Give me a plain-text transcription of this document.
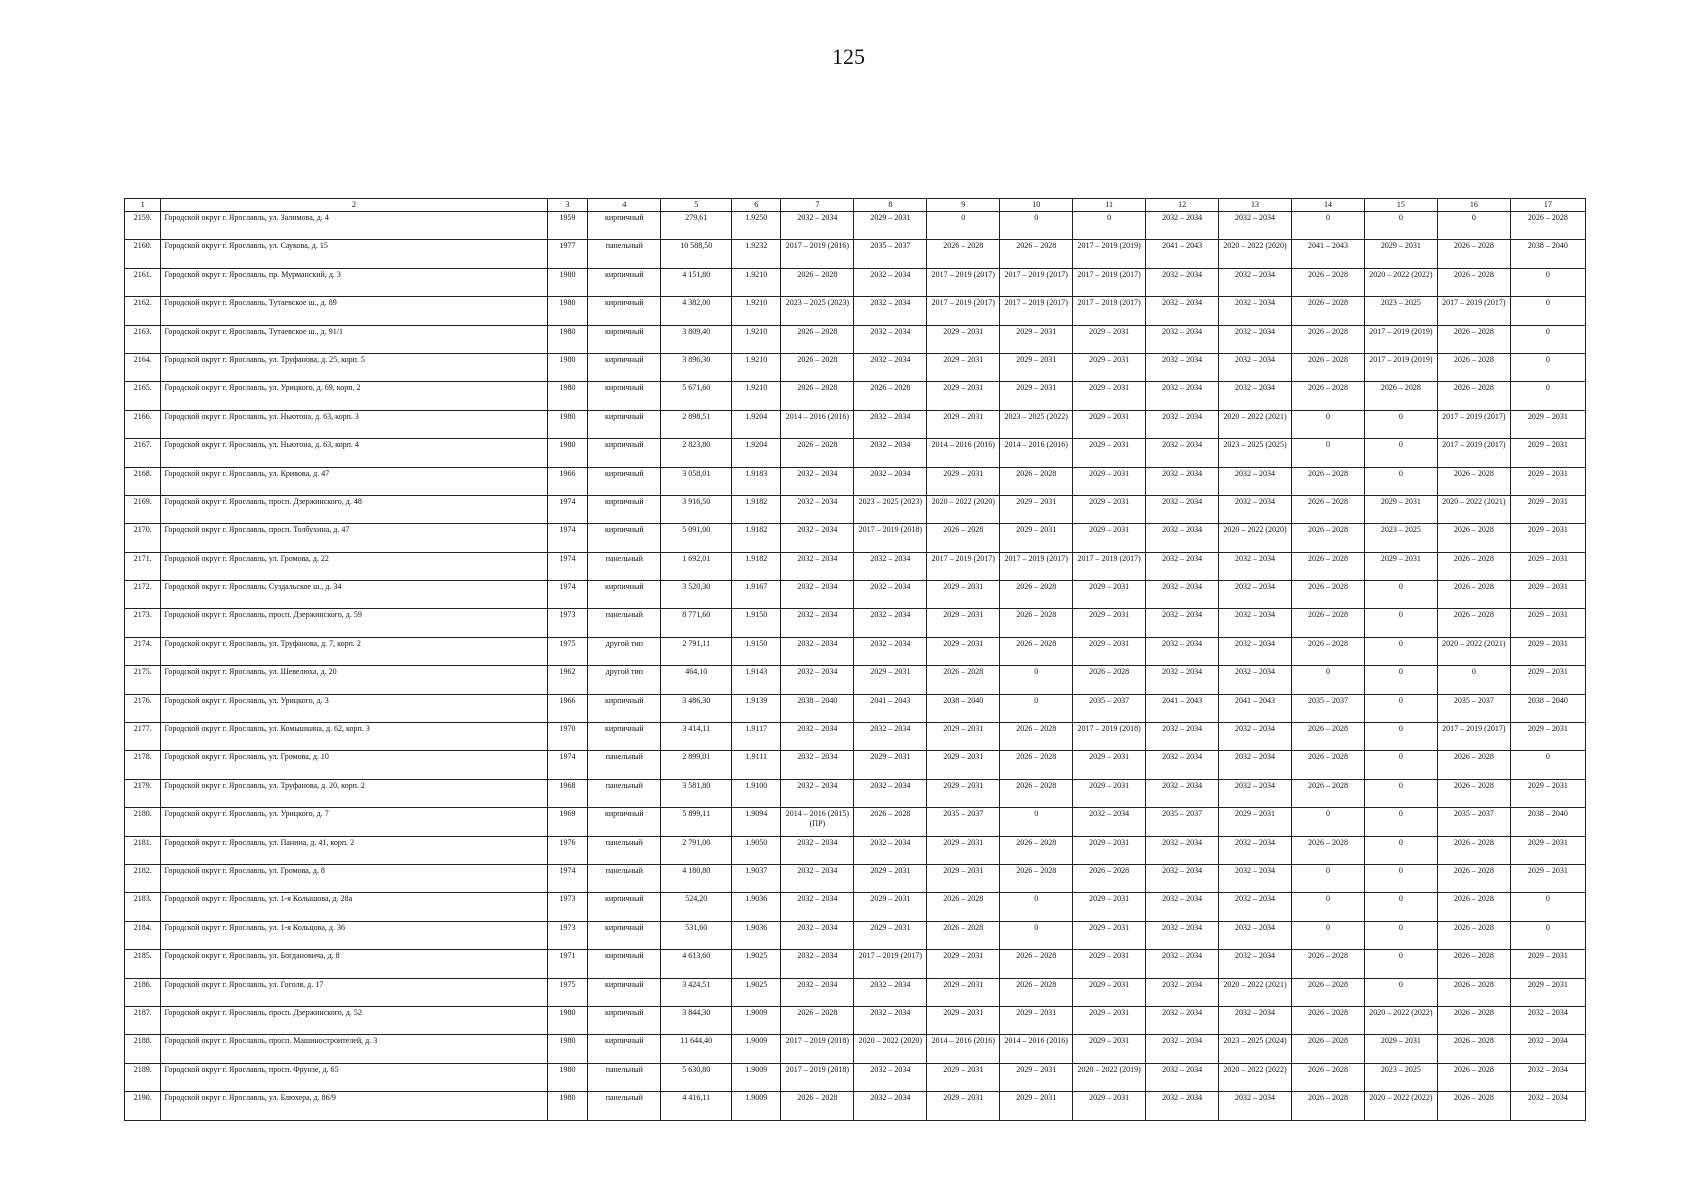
125
1	2	3	4	5	6	7	8	9	10	11	12	13	14	15	16	17
2159.	Городской округ г. Ярославль, ул. Залимова, д. 4	1959	кирпичный	279,61	1.9250	2032 – 2034	2029 – 2031	0	0	0	2032 – 2034	2032 – 2034	0	0	0	2026 – 2028
2160.	Городской округ г. Ярославль, ул. Саукова, д. 15	1977	панельный	10 588,50	1.9232	2017 – 2019 (2016)	2035 – 2037	2026 – 2028	2026 – 2028	2017 – 2019 (2019)	2041 – 2043	2020 – 2022 (2020)	2041 – 2043	2029 – 2031	2026 – 2028	2038 – 2040
2161.	Городской округ г. Ярославль, пр. Мурманский, д. 3	1980	кирпичный	4 151,80	1.9210	2026 – 2028	2032 – 2034	2017 – 2019 (2017)	2017 – 2019 (2017)	2017 – 2019 (2017)	2032 – 2034	2032 – 2034	2026 – 2028	2020 – 2022 (2022)	2026 – 2028	0
2162.	Городской округ г. Ярославль, Тутаевское ш., д. 89	1980	кирпичный	4 382,00	1.9210	2023 – 2025 (2023)	2032 – 2034	2017 – 2019 (2017)	2017 – 2019 (2017)	2017 – 2019 (2017)	2032 – 2034	2032 – 2034	2026 – 2028	2023 – 2025	2017 – 2019 (2017)	0
2163.	Городской округ г. Ярославль, Тутаевское ш., д. 91/1	1980	кирпичный	3 809,40	1.9210	2026 – 2028	2032 – 2034	2029 – 2031	2029 – 2031	2029 – 2031	2032 – 2034	2032 – 2034	2026 – 2028	2017 – 2019 (2019)	2026 – 2028	0
2164.	Городской округ г. Ярославль, ул. Труфанова, д. 25, корп. 5	1980	кирпичный	3 896,30	1.9210	2026 – 2028	2032 – 2034	2029 – 2031	2029 – 2031	2029 – 2031	2032 – 2034	2032 – 2034	2026 – 2028	2017 – 2019 (2019)	2026 – 2028	0
2165.	Городской округ г. Ярославль, ул. Урицкого, д. 69, корп. 2	1980	кирпичный	5 671,60	1.9210	2026 – 2028	2026 – 2028	2029 – 2031	2029 – 2031	2029 – 2031	2032 – 2034	2032 – 2034	2026 – 2028	2026 – 2028	2026 – 2028	0
2166.	Городской округ г. Ярославль, ул. Ньютона, д. 63, корп. 3	1980	кирпичный	2 898,51	1.9204	2014 – 2016 (2016)	2032 – 2034	2029 – 2031	2023 – 2025 (2022)	2029 – 2031	2032 – 2034	2020 – 2022 (2021)	0	0	2017 – 2019 (2017)	2029 – 2031
2167.	Городской округ г. Ярославль, ул. Ньютона, д. 63, корп. 4	1980	кирпичный	2 823,80	1.9204	2026 – 2028	2032 – 2034	2014 – 2016 (2016)	2014 – 2016 (2016)	2029 – 2031	2032 – 2034	2023 – 2025 (2025)	0	0	2017 – 2019 (2017)	2029 – 2031
2168.	Городской округ г. Ярославль, ул. Кривова, д. 47	1966	кирпичный	3 058,01	1.9183	2032 – 2034	2032 – 2034	2029 – 2031	2026 – 2028	2029 – 2031	2032 – 2034	2032 – 2034	2026 – 2028	0	2026 – 2028	2029 – 2031
2169.	Городской округ г. Ярославль, просп. Дзержинского, д. 48	1974	кирпичный	3 916,50	1.9182	2032 – 2034	2023 – 2025 (2023)	2020 – 2022 (2020)	2029 – 2031	2029 – 2031	2032 – 2034	2032 – 2034	2026 – 2028	2029 – 2031	2020 – 2022 (2021)	2029 – 2031
2170.	Городской округ г. Ярославль, просп. Толбухина, д. 47	1974	кирпичный	5 091,00	1.9182	2032 – 2034	2017 – 2019 (2018)	2026 – 2028	2029 – 2031	2029 – 2031	2032 – 2034	2020 – 2022 (2020)	2026 – 2028	2023 – 2025	2026 – 2028	2029 – 2031
2171.	Городской округ г. Ярославль, ул. Громова, д. 22	1974	панельный	1 692,01	1.9182	2032 – 2034	2032 – 2034	2017 – 2019 (2017)	2017 – 2019 (2017)	2017 – 2019 (2017)	2032 – 2034	2032 – 2034	2026 – 2028	2029 – 2031	2026 – 2028	2029 – 2031
2172.	Городской округ г. Ярославль, Суздальское ш., д. 34	1974	кирпичный	3 520,30	1.9167	2032 – 2034	2032 – 2034	2029 – 2031	2026 – 2028	2029 – 2031	2032 – 2034	2032 – 2034	2026 – 2028	0	2026 – 2028	2029 – 2031
2173.	Городской округ г. Ярославль, просп. Дзержинского, д. 59	1973	панельный	8 771,60	1.9150	2032 – 2034	2032 – 2034	2029 – 2031	2026 – 2028	2029 – 2031	2032 – 2034	2032 – 2034	2026 – 2028	0	2026 – 2028	2029 – 2031
2174.	Городской округ г. Ярославль, ул. Труфанова, д. 7, корп. 2	1975	другой тип	2 791,11	1.9150	2032 – 2034	2032 – 2034	2029 – 2031	2026 – 2028	2029 – 2031	2032 – 2034	2032 – 2034	2026 – 2028	0	2020 – 2022 (2021)	2029 – 2031
2175.	Городской округ г. Ярославль, ул. Шевелюха, д. 20	1962	другой тип	464,10	1.9143	2032 – 2034	2029 – 2031	2026 – 2028	0	2026 – 2028	2032 – 2034	2032 – 2034	0	0	0	2029 – 2031
2176.	Городской округ г. Ярославль, ул. Урицкого, д. 3	1966	кирпичный	3 486,30	1.9139	2038 – 2040	2041 – 2043	2038 – 2040	0	2035 – 2037	2041 – 2043	2041 – 2043	2035 – 2037	0	2035 – 2037	2038 – 2040
2177.	Городской округ г. Ярославль, ул. Комышкина, д. 62, корп. 3	1970	кирпичный	3 414,11	1.9117	2032 – 2034	2032 – 2034	2029 – 2031	2026 – 2028	2017 – 2019 (2018)	2032 – 2034	2032 – 2034	2026 – 2028	0	2017 – 2019 (2017)	2029 – 2031
2178.	Городской округ г. Ярославль, ул. Громова, д. 10	1974	панельный	2 899,01	1.9111	2032 – 2034	2029 – 2031	2029 – 2031	2026 – 2028	2029 – 2031	2032 – 2034	2032 – 2034	2026 – 2028	0	2026 – 2028	0
2179.	Городской округ г. Ярославль, ул. Труфанова, д. 20, корп. 2	1968	панельный	3 581,80	1.9100	2032 – 2034	2032 – 2034	2029 – 2031	2026 – 2028	2029 – 2031	2032 – 2034	2032 – 2034	2026 – 2028	0	2026 – 2028	2029 – 2031
2180.	Городской округ г. Ярославль, ул. Урицкого, д. 7	1969	кирпичный	5 899,11	1.9094	2014 – 2016 (2015) (ПР)	2026 – 2028	2035 – 2037	0	2032 – 2034	2035 – 2037	2029 – 2031	0	0	2035 – 2037	2038 – 2040
2181.	Городской округ г. Ярославль, ул. Панина, д. 41, корп. 2	1976	панельный	2 791,00	1.9050	2032 – 2034	2032 – 2034	2029 – 2031	2026 – 2028	2029 – 2031	2032 – 2034	2032 – 2034	2026 – 2028	0	2026 – 2028	2029 – 2031
2182.	Городской округ г. Ярославль, ул. Громова, д. 8	1974	панельный	4 180,80	1.9037	2032 – 2034	2029 – 2031	2029 – 2031	2026 – 2028	2026 – 2028	2032 – 2034	2032 – 2034	0	0	2026 – 2028	2029 – 2031
2183.	Городской округ г. Ярославль, ул. 1-я Колышова, д. 28а	1973	кирпичный	524,20	1.9036	2032 – 2034	2029 – 2031	2026 – 2028	0	2029 – 2031	2032 – 2034	2032 – 2034	0	0	2026 – 2028	0
2184.	Городской округ г. Ярославль, ул. 1-я Кольцова, д. 36	1973	кирпичный	531,60	1.9036	2032 – 2034	2029 – 2031	2026 – 2028	0	2029 – 2031	2032 – 2034	2032 – 2034	0	0	2026 – 2028	0
2185.	Городской округ г. Ярославль, ул. Богдановича, д. 8	1971	кирпичный	4 613,60	1.9025	2032 – 2034	2017 – 2019 (2017)	2029 – 2031	2026 – 2028	2029 – 2031	2032 – 2034	2032 – 2034	2026 – 2028	0	2026 – 2028	2029 – 2031
2186.	Городской округ г. Ярославль, ул. Гоголя, д. 17	1975	кирпичный	3 424,51	1.9025	2032 – 2034	2032 – 2034	2029 – 2031	2026 – 2028	2029 – 2031	2032 – 2034	2020 – 2022 (2021)	2026 – 2028	0	2026 – 2028	2029 – 2031
2187.	Городской округ г. Ярославль, просп. Дзержинского, д. 52	1980	кирпичный	3 844,30	1.9009	2026 – 2028	2032 – 2034	2029 – 2031	2029 – 2031	2029 – 2031	2032 – 2034	2032 – 2034	2026 – 2028	2020 – 2022 (2022)	2026 – 2028	2032 – 2034
2188.	Городской округ г. Ярославль, просп. Машиностроителей, д. 3	1980	кирпичный	11 644,40	1.9009	2017 – 2019 (2018)	2020 – 2022 (2020)	2014 – 2016 (2016)	2014 – 2016 (2016)	2029 – 2031	2032 – 2034	2023 – 2025 (2024)	2026 – 2028	2029 – 2031	2026 – 2028	2032 – 2034
2189.	Городской округ г. Ярославль, просп. Фрунзе, д. 65	1980	панельный	5 630,80	1.9009	2017 – 2019 (2018)	2032 – 2034	2029 – 2031	2029 – 2031	2020 – 2022 (2019)	2032 – 2034	2020 – 2022 (2022)	2026 – 2028	2023 – 2025	2026 – 2028	2032 – 2034
2190.	Городской округ г. Ярославль, ул. Блюхера, д. 86/9	1980	панельный	4 416,11	1.9009	2026 – 2028	2032 – 2034	2029 – 2031	2029 – 2031	2029 – 2031	2032 – 2034	2032 – 2034	2026 – 2028	2020 – 2022 (2022)	2026 – 2028	2032 – 2034
